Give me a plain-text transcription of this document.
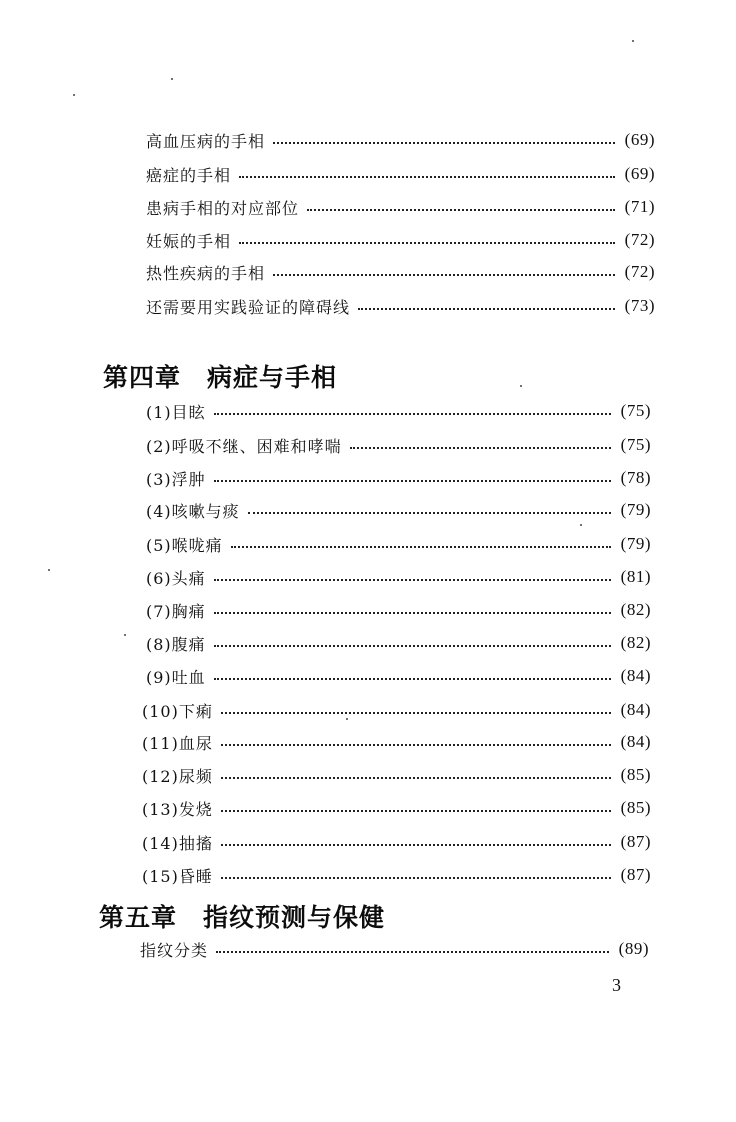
高血压病的手相	(69)
癌症的手相	(69)
患病手相的对应部位	(71)
妊娠的手相	(72)
热性疾病的手相	(72)
还需要用实践验证的障碍线	(73)
第四章 病症与手相
(1)目眩	(75)
(2)呼吸不继、困难和哮喘	(75)
(3)浮肿	(78)
(4)咳嗽与痰	(79)
(5)喉咙痛	(79)
(6)头痛	(81)
(7)胸痛	(82)
(8)腹痛	(82)
(9)吐血	(84)
(10)下痢	(84)
(11)血尿	(84)
(12)尿频	(85)
(13)发烧	(85)
(14)抽搐	(87)
(15)昏睡	(87)
第五章 指纹预测与保健
指纹分类	(89)
3
